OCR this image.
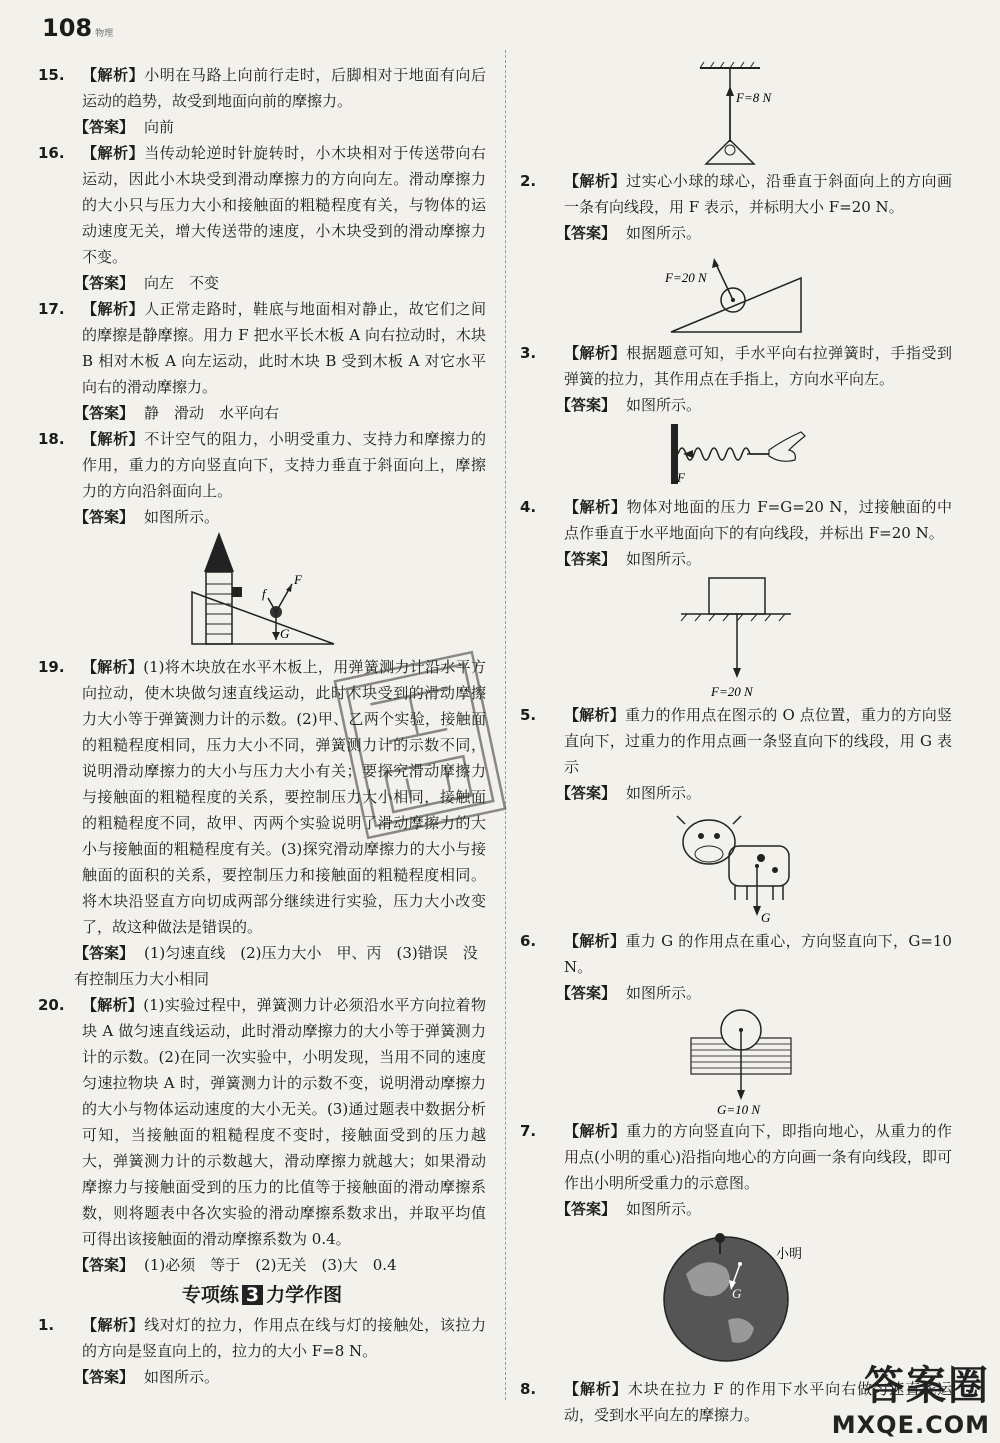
108 物理

15. 【解析】小明在马路上向前行走时，后脚相对于地面有向后运动的趋势，故受到地面向前的摩擦力。

【答案】 向前

16. 【解析】当传动轮逆时针旋转时，小木块相对于传送带向右运动，因此小木块受到滑动摩擦力的方向向左。滑动摩擦力的大小只与压力大小和接触面的粗糙程度有关，与物体的运动速度无关，增大传送带的速度，小木块受到的滑动摩擦力不变。

【答案】 向左　不变

17. 【解析】人正常走路时，鞋底与地面相对静止，故它们之间的摩擦是静摩擦。用力 F 把水平长木板 A 向右拉动时，木块 B 相对木板 A 向左运动，此时木块 B 受到木板 A 对它水平向右的滑动摩擦力。

【答案】 静　滑动　水平向右

18. 【解析】不计空气的阻力，小明受重力、支持力和摩擦力的作用，重力的方向竖直向下，支持力垂直于斜面向上，摩擦力的方向沿斜面向上。

【答案】 如图所示。

f
F
G

19. 【解析】(1)将木块放在水平木板上，用弹簧测力计沿水平方向拉动，使木块做匀速直线运动，此时木块受到的滑动摩擦力大小等于弹簧测力计的示数。(2)甲、乙两个实验，接触面的粗糙程度相同，压力大小不同，弹簧测力计的示数不同，说明滑动摩擦力的大小与压力大小有关；要探究滑动摩擦力与接触面的粗糙程度的关系，要控制压力大小相同，接触面的粗糙程度不同，故甲、丙两个实验说明了滑动摩擦力的大小与接触面的粗糙程度有关。(3)探究滑动摩擦力的大小与接触面的面积的关系，要控制压力和接触面的粗糙程度相同。将木块沿竖直方向切成两部分继续进行实验，压力大小改变了，故这种做法是错误的。

【答案】 (1)匀速直线　(2)压力大小　甲、丙　(3)错误　没有控制压力大小相同

20. 【解析】(1)实验过程中，弹簧测力计必须沿水平方向拉着物块 A 做匀速直线运动，此时滑动摩擦力的大小等于弹簧测力计的示数。(2)在同一次实验中，小明发现，当用不同的速度匀速拉物块 A 时，弹簧测力计的示数不变，说明滑动摩擦力的大小与物体运动速度的大小无关。(3)通过题表中数据分析可知，当接触面的粗糙程度不变时，接触面受到的压力越大，弹簧测力计的示数越大，滑动摩擦力就越大；如果滑动摩擦力与接触面受到的压力的比值等于接触面的滑动摩擦系数，则将题表中各次实验的滑动摩擦系数求出，并取平均值可得出该接触面的滑动摩擦系数为 0.4。

【答案】 (1)必须　等于　(2)无关　(3)大　0.4

专项练 3 力学作图

1. 【解析】线对灯的拉力，作用点在线与灯的接触处，该拉力的方向是竖直向上的，拉力的大小 F=8 N。

【答案】 如图所示。

F=8 N

2. 【解析】过实心小球的球心，沿垂直于斜面向上的方向画一条有向线段，用 F 表示，并标明大小 F=20 N。

【答案】 如图所示。

F=20 N

3. 【解析】根据题意可知，手水平向右拉弹簧时，手指受到弹簧的拉力，其作用点在手指上，方向水平向左。

【答案】 如图所示。

F

4. 【解析】物体对地面的压力 F=G=20 N，过接触面的中点作垂直于水平地面向下的有向线段，并标出 F=20 N。

【答案】 如图所示。

F=20 N

5. 【解析】重力的作用点在图示的 O 点位置，重力的方向竖直向下，过重力的作用点画一条竖直向下的线段，用 G 表示

【答案】 如图所示。

G

6. 【解析】重力 G 的作用点在重心，方向竖直向下，G=10 N。

【答案】 如图所示。

G=10 N

7. 【解析】重力的方向竖直向下，即指向地心，从重力的作用点(小明的重心)沿指向地心的方向画一条有向线段，即可作出小明所受重力的示意图。

【答案】 如图所示。

G
小明

8. 【解析】木块在拉力 F 的作用下水平向右做匀速直线运动，受到水平向左的摩擦力。

答案圈
MXQE.COM
